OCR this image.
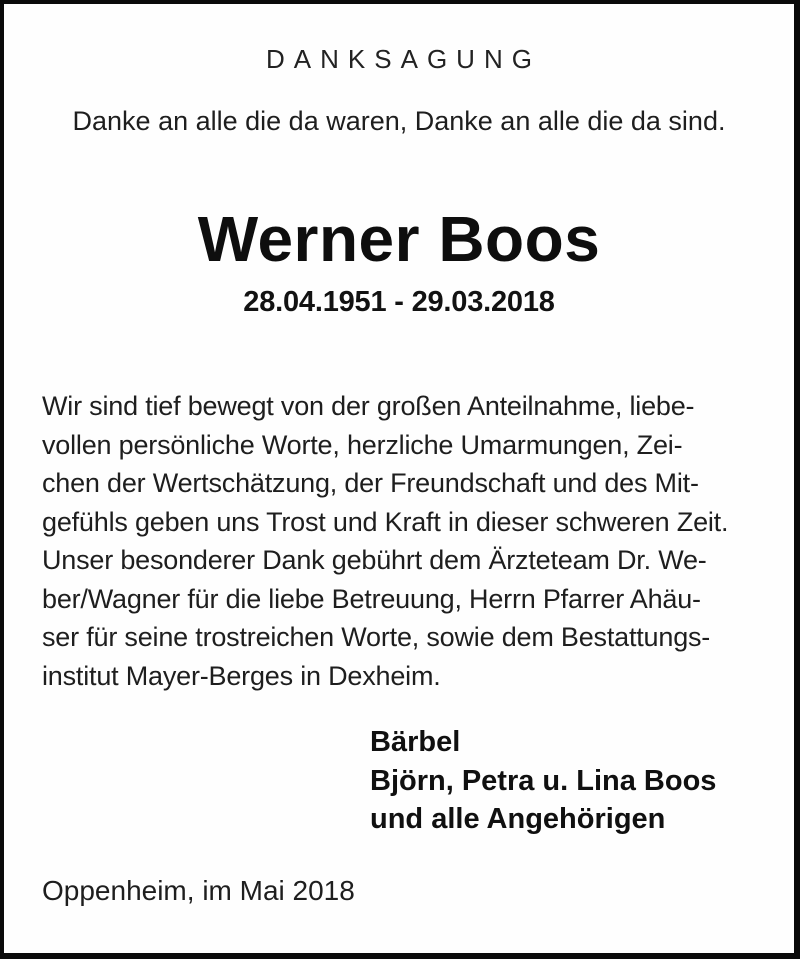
DANKSAGUNG
Danke an alle die da waren, Danke an alle die da sind.
Werner Boos
28.04.1951 - 29.03.2018
Wir sind tief bewegt von der großen Anteilnahme, liebe-
vollen persönliche Worte, herzliche Umarmungen, Zei-
chen der Wertschätzung, der Freundschaft und des Mit-
gefühls geben uns Trost und Kraft in dieser schweren Zeit.
Unser besonderer Dank gebührt dem Ärzteteam Dr. We-
ber/Wagner für die liebe Betreuung, Herrn Pfarrer Ahäu-
ser für seine trostreichen Worte, sowie dem Bestattungs-
institut Mayer-Berges in Dexheim.
Bärbel
Björn, Petra u. Lina Boos
und alle Angehörigen
Oppenheim, im Mai 2018
